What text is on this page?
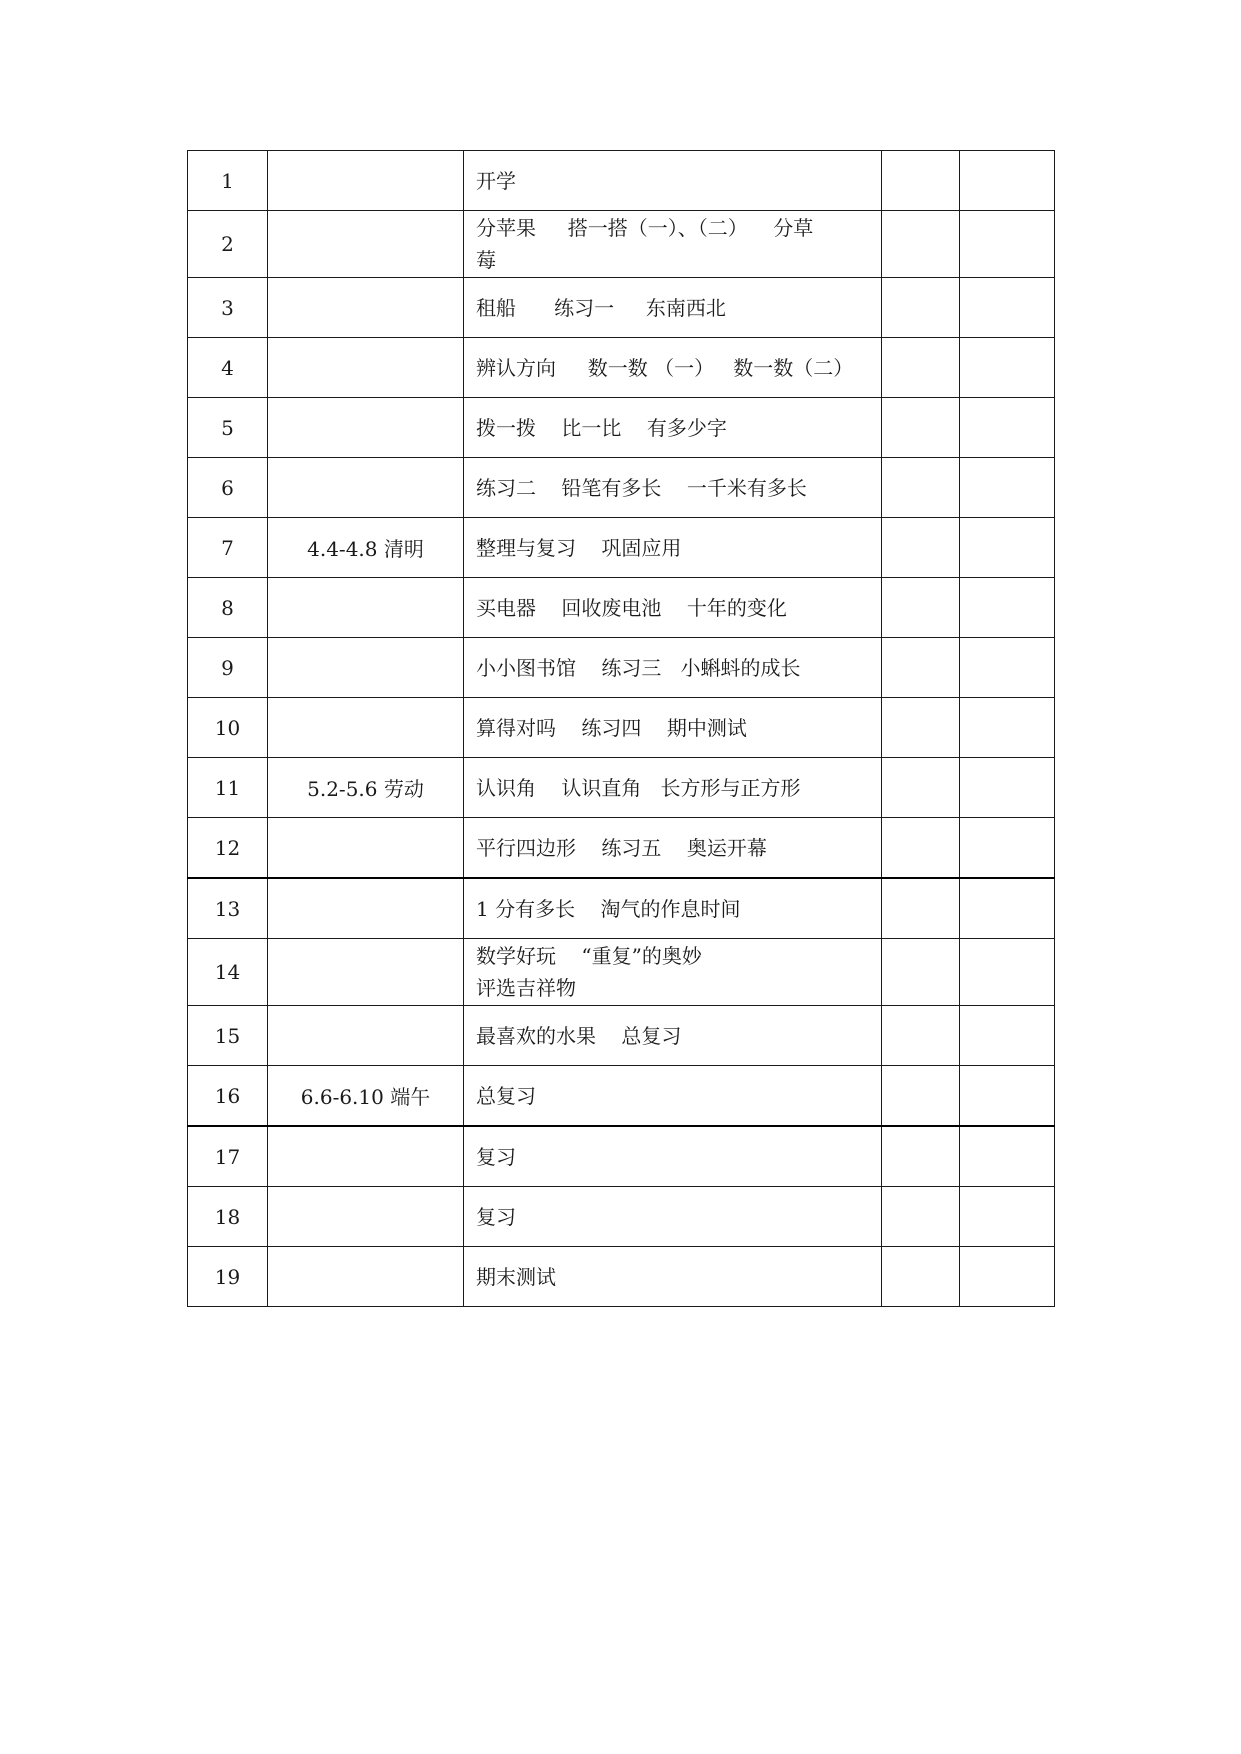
1		开学		

2		分苹果     搭一搭（一）、（二）    分草
莓		

3		租船      练习一     东南西北		

4		辨认方向     数一数 （一）   数一数（二）		

5		拨一拨    比一比    有多少字		

6		练习二    铅笔有多长    一千米有多长		

7	4.4-4.8 清明	整理与复习    巩固应用		

8		买电器    回收废电池    十年的变化		

9		小小图书馆    练习三   小蝌蚪的成长		

10		算得对吗    练习四    期中测试		

11	5.2-5.6 劳动	认识角    认识直角   长方形与正方形		

12		平行四边形    练习五    奥运开幕		

13		1 分有多长    淘气的作息时间		

14		数学好玩    “重复”的奥妙
评选吉祥物		

15		最喜欢的水果    总复习		

16	6.6-6.10 端午	总复习		

17		复习		

18		复习		

19		期末测试		
